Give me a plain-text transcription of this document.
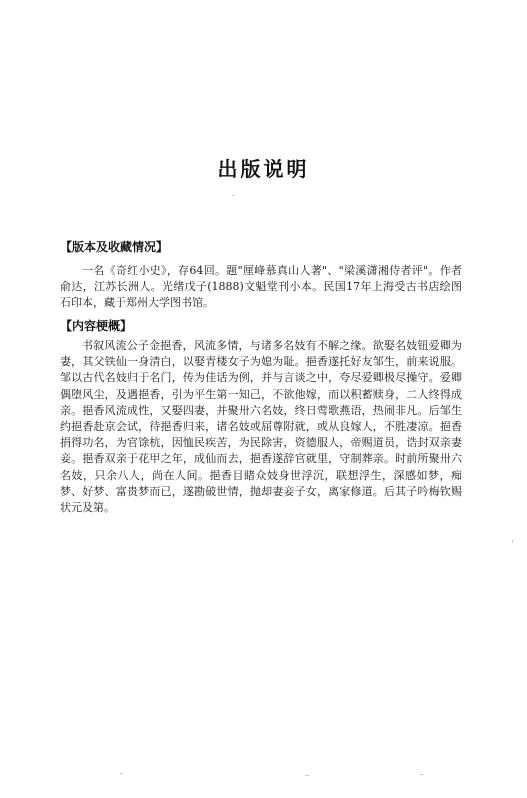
出版说明
【版本及收藏情况】

一名《奇红小史》，存64回。题"厘峰慕真山人著"、"梁溪潇湘侍者评"。作者俞达，江苏长洲人。光绪戊子(1888)文魁堂刊小本。民国17年上海受古书店绘图石印本，藏于郑州大学图书馆。

【内容梗概】

书叙风流公子金挹香，风流多情，与诸多名妓有不解之缘。欲娶名妓钮爱卿为妻，其父铁仙一身清白，以娶青楼女子为媳为耻。挹香遂托好友邹生，前来说服。邹以古代名妓归于名门，传为佳话为例，并与言谈之中，夸尽爱卿极尽操守。爱卿偶堕风尘，及遇挹香，引为平生第一知己，不欲他嫁，而以积蓄赎身，二人终得成亲。挹香风流成性，又娶四妻，并聚卅六名妓，终日莺歌燕语，热闹非凡。后邹生约挹香赴京会试，待挹香归来，诸名妓或屈尊附就，或从良嫁人，不胜凄凉。挹香捐得功名，为官馀杭，因恤民疾苦，为民除害，资德服人，帝赐道员，诰封双亲妻妾。挹香双亲于花甲之年，成仙而去，挹香遂辞官就里，守制葬亲。时前所聚卅六名妓，只余八人，尚在人间。挹香目睹众妓身世浮沉，联想浮生，深感如梦，痴梦、好梦、富贵梦而已，遂勘破世情，抛却妻妾子女，离家修道。后其子吟梅钦赐状元及第。
